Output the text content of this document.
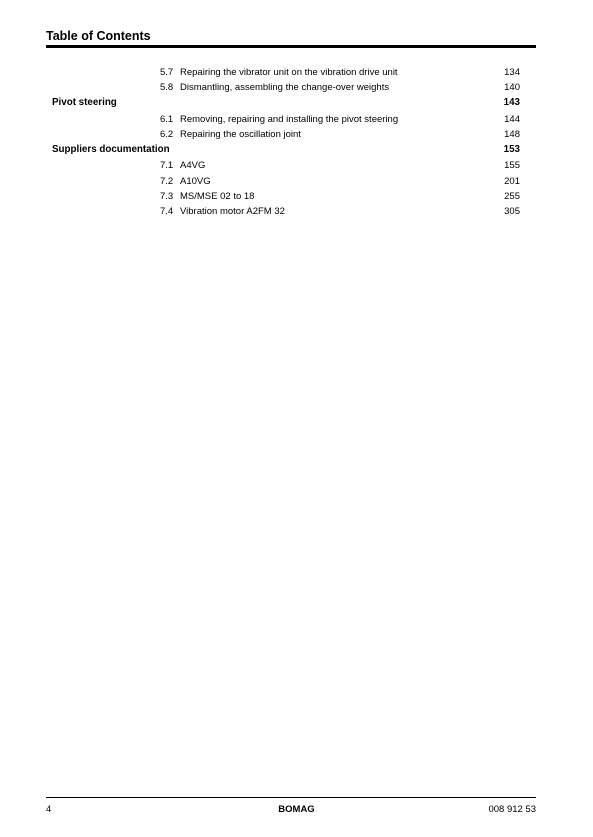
Table of Contents
5.7 Repairing the vibrator unit on the vibration drive unit	134
5.8 Dismantling, assembling the change-over weights	140
Pivot steering	143
6.1 Removing, repairing and installing the pivot steering	144
6.2 Repairing the oscillation joint	148
Suppliers documentation	153
7.1 A4VG	155
7.2 A10VG	201
7.3 MS/MSE 02 to 18	255
7.4 Vibration motor A2FM 32	305
4	BOMAG	008 912 53
